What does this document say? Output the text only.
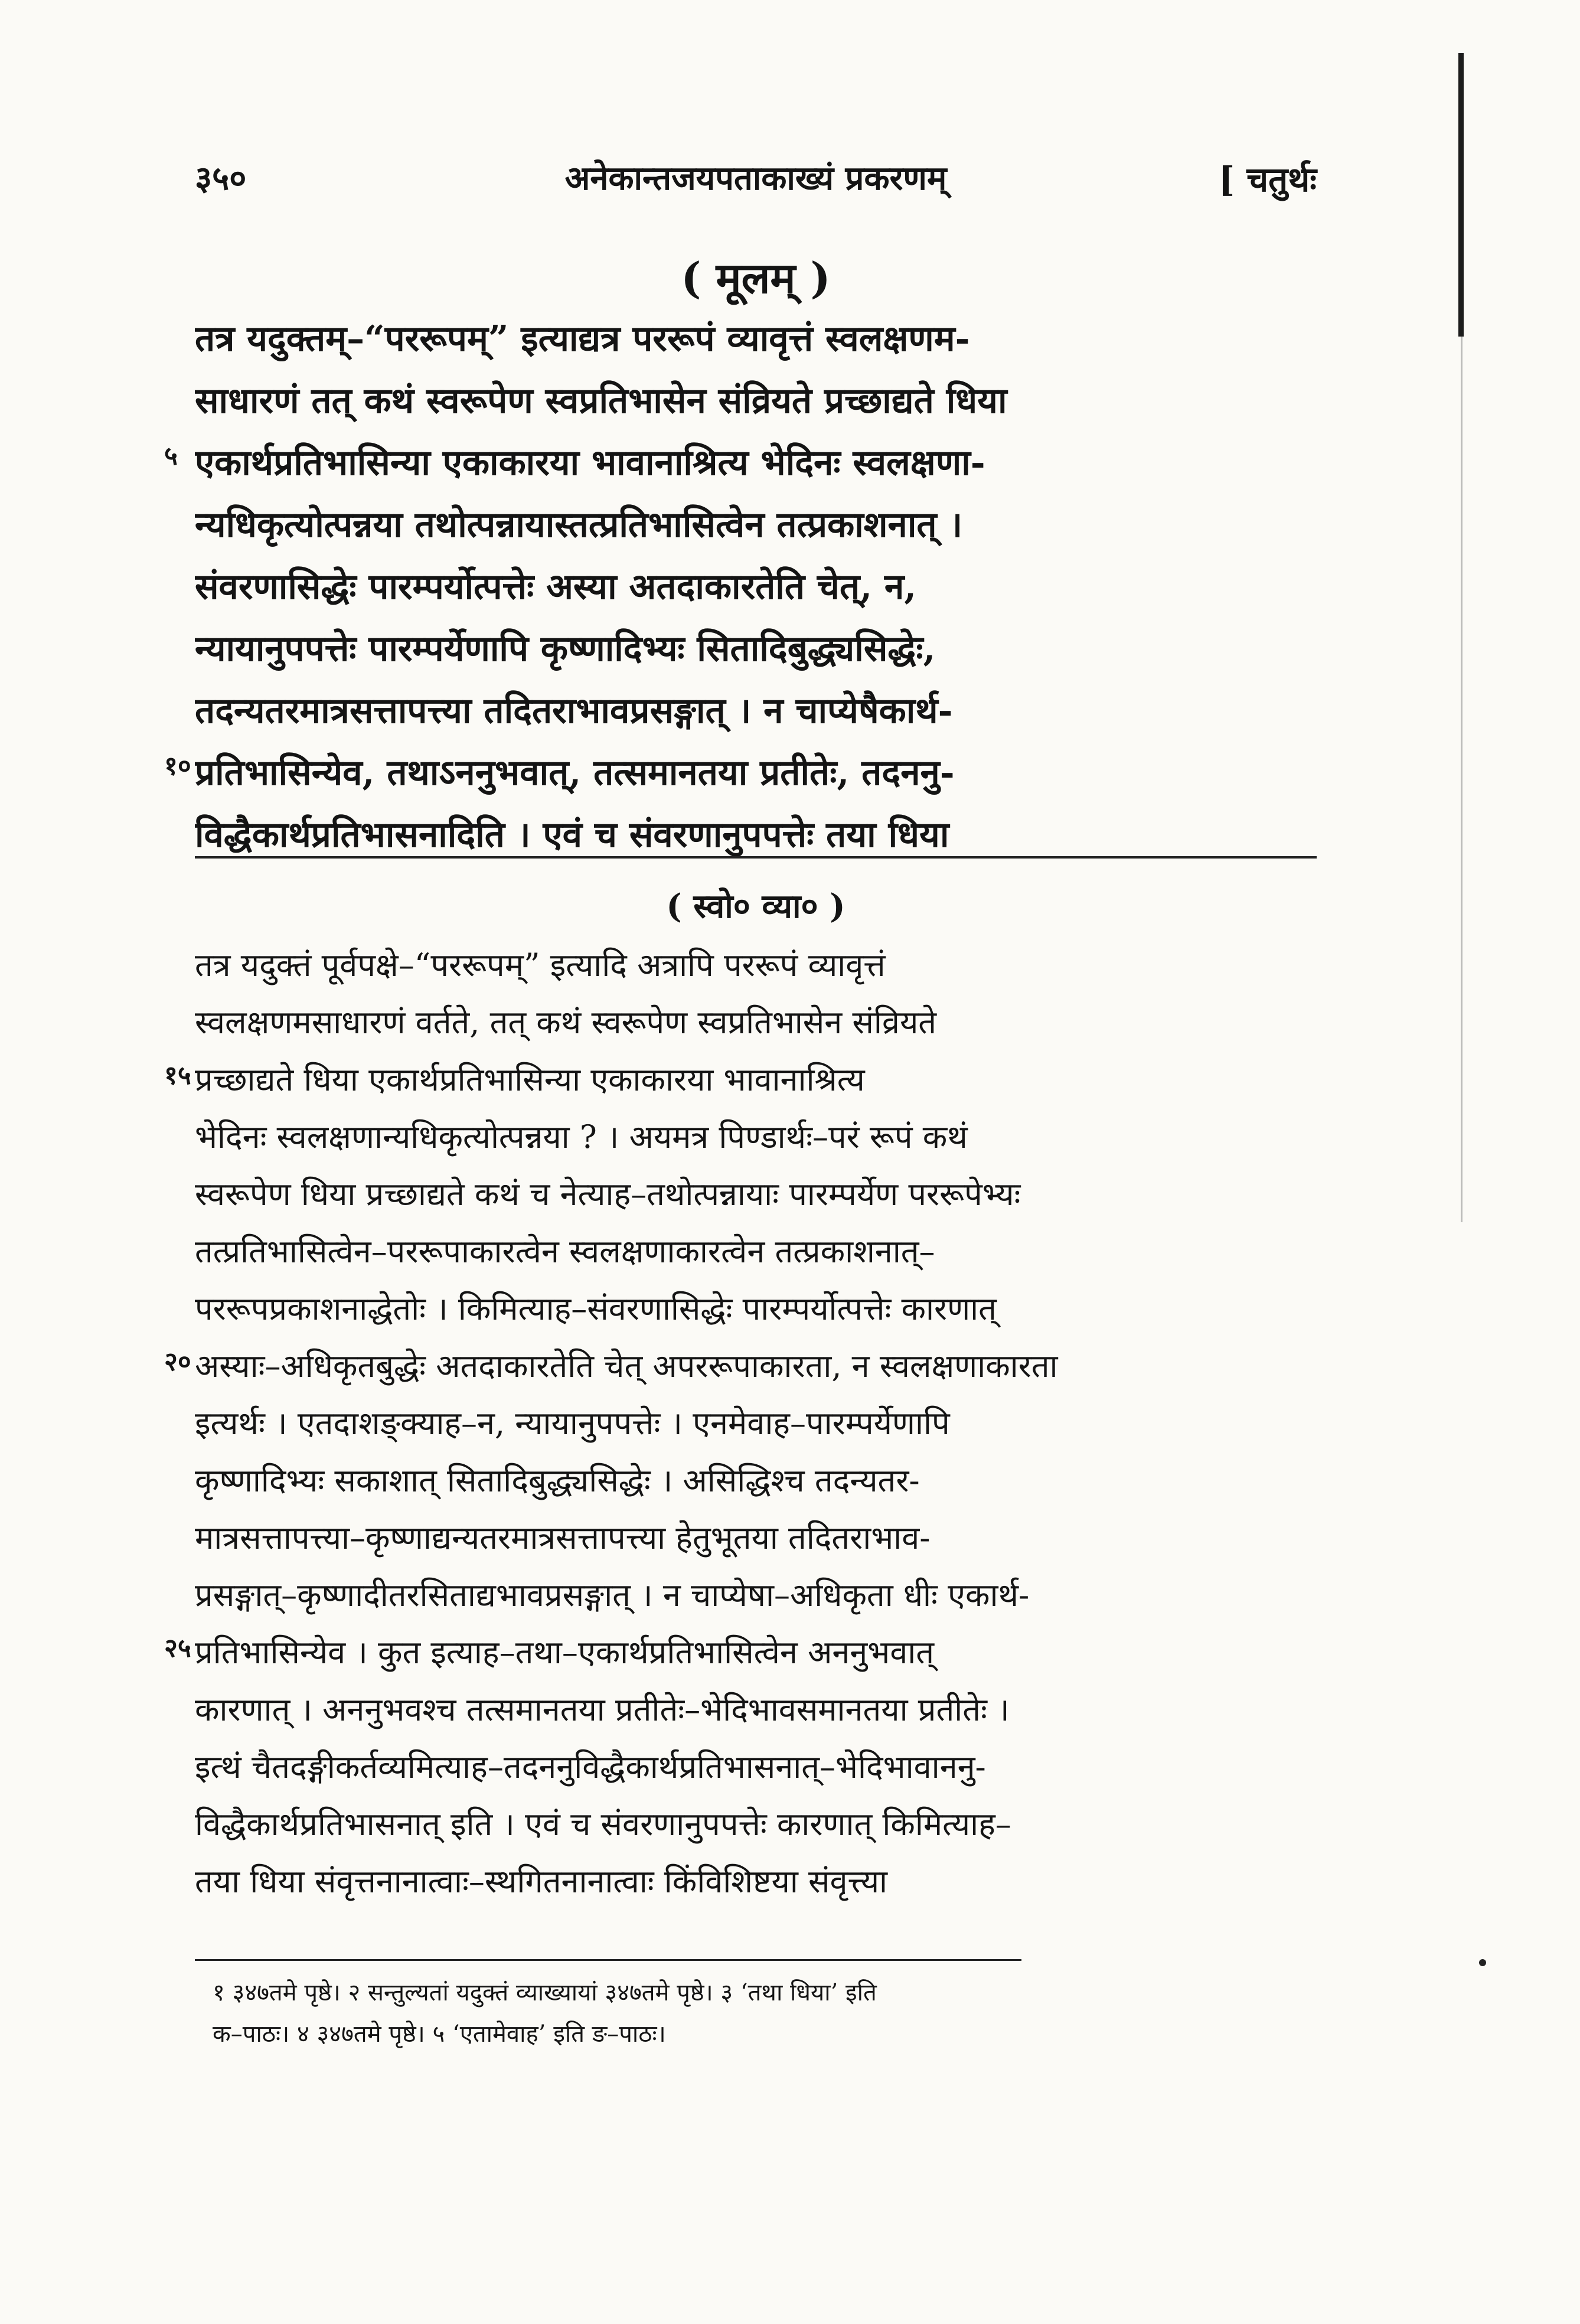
३५०	अनेकान्तजयपताकाख्यं प्रकरणम्	[ चतुर्थः
( मूलम् )
तत्र यदुक्तम्–“पररूपम्” इत्याद्यत्र पररूपं व्यावृत्तं स्वलक्षणम-
साधारणं तत् कथं स्वरूपेण स्वप्रतिभासेन संव्रियते प्रच्छाद्यते धिया
५ एकार्थप्रतिभासिन्या एकाकारया भावानाश्रित्य भेदिनः स्वलक्षणा-
न्यधिकृत्योत्पन्नया तथोत्पन्नायास्तत्प्रतिभासित्वेन तत्प्रकाशनात् ।
संवरणासिद्धेः पारम्पर्योत्पत्तेः अस्या अतदाकारतेति चेत्, न,
न्यायानुपपत्तेः पारम्पर्येणापि कृष्णादिभ्यः सितादिबुद्ध्यसिद्धेः,
तदन्यतरमात्रसत्तापत्त्या तदितराभावप्रसङ्गात् । न चाप्येषैकार्थ-
१० प्रतिभासिन्येव, तथाऽननुभवात्, तत्समानतया प्रतीतेः, तदननु-
विद्धैकार्थप्रतिभासनादिति । एवं च संवरणानुपपत्तेः तया धिया
( स्वो० व्या० )
तत्र यदुक्तं पूर्वपक्षे–“पररूपम्” इत्यादि अत्रापि पररूपं व्यावृत्तं
स्वलक्षणमसाधारणं वर्तते, तत् कथं स्वरूपेण स्वप्रतिभासेन संव्रियते
१५ प्रच्छाद्यते धिया एकार्थप्रतिभासिन्या एकाकारया भावानाश्रित्य
भेदिनः स्वलक्षणान्यधिकृत्योत्पन्नया ? । अयमत्र पिण्डार्थः–परं रूपं कथं
स्वरूपेण धिया प्रच्छाद्यते कथं च नेत्याह–तथोत्पन्नायाः पारम्पर्येण पररूपेभ्यः
तत्प्रतिभासित्वेन–पररूपाकारत्वेन स्वलक्षणाकारत्वेन तत्प्रकाशनात्–
पररूपप्रकाशनाद्धेतोः । किमित्याह–संवरणासिद्धेः पारम्पर्योत्पत्तेः कारणात्
२० अस्याः–अधिकृतबुद्धेः अतदाकारतेति चेत् अपररूपाकारता, न स्वलक्षणाकारता
इत्यर्थः । एतदाशङ्क्याह–न, न्यायानुपपत्तेः । एनमेवाह–पारम्पर्येणापि
कृष्णादिभ्यः सकाशात् सितादिबुद्ध्यसिद्धेः । असिद्धिश्च तदन्यतर-
मात्रसत्तापत्त्या–कृष्णाद्यन्यतरमात्रसत्तापत्त्या हेतुभूतया तदितराभाव-
प्रसङ्गात्–कृष्णादीतरसिताद्यभावप्रसङ्गात् । न चाप्येषा–अधिकृता धीः एकार्थ-
२५ प्रतिभासिन्येव । कुत इत्याह–तथा–एकार्थप्रतिभासित्वेन अननुभवात्
कारणात् । अननुभवश्च तत्समानतया प्रतीतेः–भेदिभावसमानतया प्रतीतेः ।
इत्थं चैतदङ्गीकर्तव्यमित्याह–तदननुविद्धैकार्थप्रतिभासनात्–भेदिभावाननु-
विद्धैकार्थप्रतिभासनात् इति । एवं च संवरणानुपपत्तेः कारणात् किमित्याह–
तया धिया संवृत्तनानात्वाः–स्थगितनानात्वाः किंविशिष्टया संवृत्त्या
१ ३४७तमे पृष्ठे। २ सन्तुल्यतां यदुक्तं व्याख्यायां ३४७तमे पृष्ठे। ३ ‘तथा धिया’ इति
क–पाठः। ४ ३४७तमे पृष्ठे। ५ ‘एतामेवाह’ इति ङ–पाठः।
